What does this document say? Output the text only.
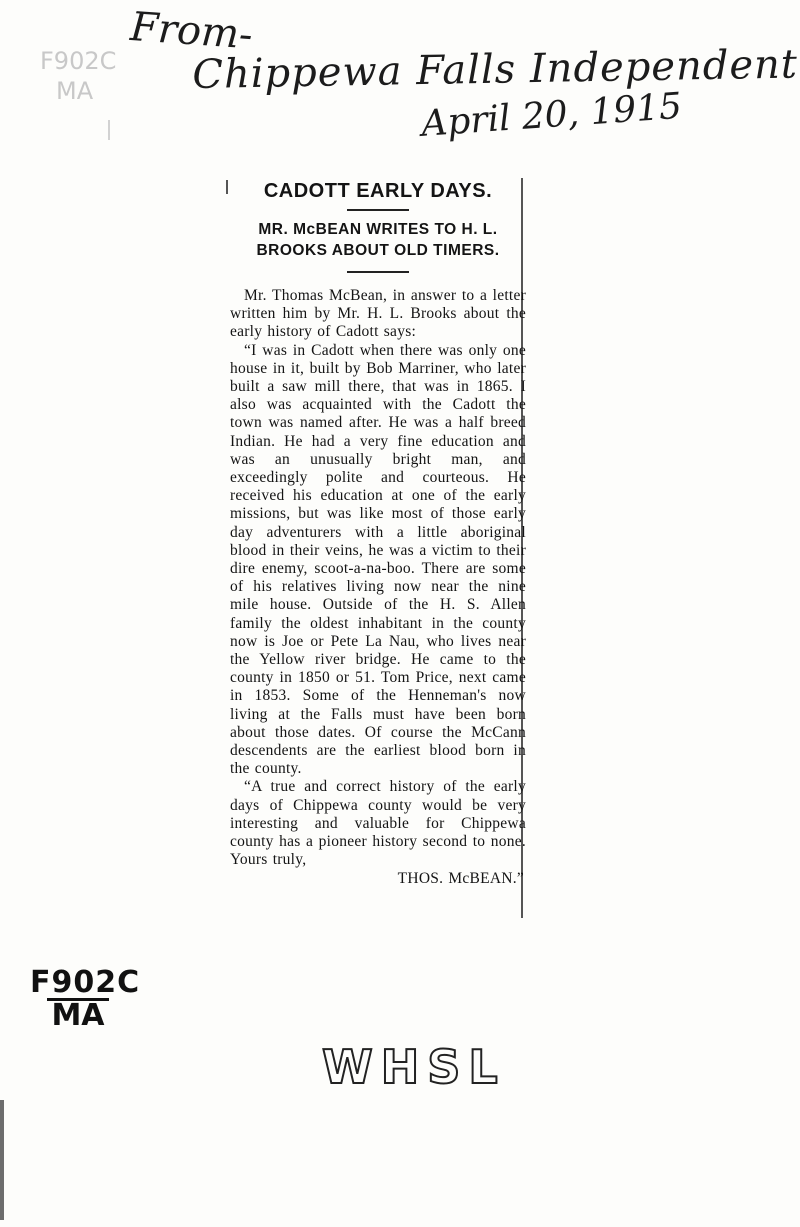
From-

Chippewa Falls Independent

April 20, 1915

F902C
MA
CADOTT EARLY DAYS.
MR. McBEAN WRITES TO H. L. BROOKS ABOUT OLD TIMERS.

Mr. Thomas McBean, in answer to a letter written him by Mr. H. L. Brooks about the early history of Cadott says:

“I was in Cadott when there was only one house in it, built by Bob Marriner, who later built a saw mill there, that was in 1865. I also was acquainted with the Cadott the town was named after. He was a half breed Indian. He had a very fine education and was an unusually bright man, and exceedingly polite and courteous. He received his education at one of the early missions, but was like most of those early day adventurers with a little aboriginal blood in their veins, he was a victim to their dire enemy, scoot-a-na-boo. There are some of his relatives living now near the nine mile house. Outside of the H. S. Allen family the oldest inhabitant in the county now is Joe or Pete La Nau, who lives near the Yellow river bridge. He came to the county in 1850 or 51. Tom Price, next came in 1853. Some of the Henneman's now living at the Falls must have been born about those dates. Of course the McCann descendents are the earliest blood born in the county.

“A true and correct history of the early days of Chippewa county would be very interesting and valuable for Chippewa county has a pioneer history second to none. Yours truly,

THOS. McBEAN.”

F902C
MA

WHSL
